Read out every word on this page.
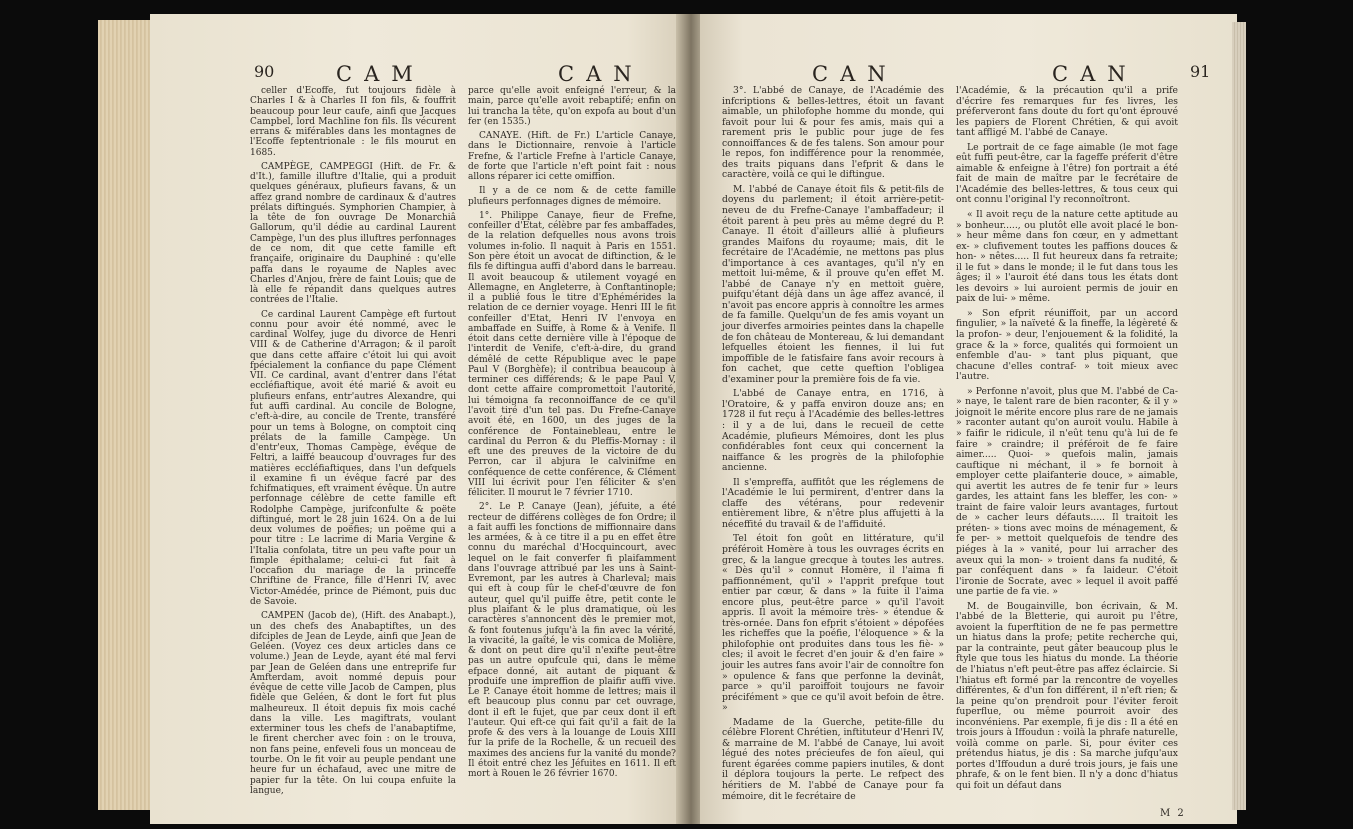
90	CAM	CAN

celler d'Ecoffe, fut toujours fidèle à Charles I & à Charles II fon fils, & fouffrit beaucoup pour leur caufe, ainfi que Jacques Campbel, lord Machline fon fils. Ils vécurent errans & miférables dans les montagnes de l'Ecoffe feptentrionale : le fils mourut en 1685.

CAMPÈGE, CAMPEGGI (Hift. de Fr. & d'It.), famille illuftre d'Italie, qui a produit quelques généraux, plufieurs favans, & un affez grand nombre de cardinaux & d'autres prélats diftingués. Symphorien Champier, à la tête de fon ouvrage De Monarchiâ Gallorum, qu'il dédie au cardinal Laurent Campège, l'un des plus illuftres perfonnages de ce nom, dit que cette famille eft françaife, originaire du Dauphiné : qu'elle paffa dans le royaume de Naples avec Charles d'Anjou, frère de faint Louis; que de là elle fe répandit dans quelques autres contrées de l'Italie.

Ce cardinal Laurent Campège eft furtout connu pour avoir été nommé, avec le cardinal Wolfey, juge du divorce de Henri VIII & de Catherine d'Arragon; & il paroît que dans cette affaire c'étoit lui qui avoit fpécialement la confiance du pape Clément VII. Ce cardinal, avant d'entrer dans l'état eccléfiaftique, avoit été marié & avoit eu plufieurs enfans, entr'autres Alexandre, qui fut auffi cardinal. Au concile de Bologne, c'eft-à-dire, au concile de Trente, transféré pour un tems à Bologne, on comptoit cinq prélats de la famille Campège. Un d'entr'eux, Thomas Campège, évêque de Feltri, a laiffé beaucoup d'ouvrages fur des matières eccléfiaftiques, dans l'un defquels il examine fi un évêque facré par des fchifmatiques, eft vraiment évêque. Un autre perfonnage célèbre de cette famille eft Rodolphe Campège, jurifconfulte & poëte diftingué, mort le 28 juin 1624. On a de lui deux volumes de poëfies; un poëme qui a pour titre : Le lacrime di Maria Vergine & l'Italia confolata, titre un peu vafte pour un fimple épithalame; celui-ci fut fait à l'occafion du mariage de la princeffe Chriftine de France, fille d'Henri IV, avec Victor-Amédée, prince de Piémont, puis duc de Savoie.

CAMPEN (Jacob de), (Hift. des Anabapt.), un des chefs des Anabaptiftes, un des difciples de Jean de Leyde, ainfi que Jean de Geléen. (Voyez ces deux articles dans ce volume.) Jean de Leyde, ayant été mal fervi par Jean de Geléen dans une entreprife fur Amfterdam, avoit nommé depuis pour évêque de cette ville Jacob de Campen, plus fidèle que Geléen, & dont le fort fut plus malheureux. Il étoit depuis fix mois caché dans la ville. Les magiftrats, voulant exterminer tous les chefs de l'anabaptifme, le firent chercher avec foin : on le trouva, non fans peine, enfeveli fous un monceau de tourbe. On le fit voir au peuple pendant une heure fur un échafaud, avec une mitre de papier fur la tête. On lui coupa enfuite la langue,

parce qu'elle avoit enfeigné l'erreur, & la main, parce qu'elle avoit rebaptifé; enfin on lui trancha la tête, qu'on expofa au bout d'un fer (en 1535.)

CANAYE. (Hift. de Fr.) L'article Canaye, dans le Dictionnaire, renvoie à l'article Frefne, & l'article Frefne à l'article Canaye, de forte que l'article n'eft point fait : nous allons réparer ici cette omiffion.

Il y a de ce nom & de cette famille plufieurs perfonnages dignes de mémoire.

1°. Philippe Canaye, fieur de Frefne, confeiller d'Etat, célèbre par fes ambaffades, de la relation defquelles nous avons trois volumes in-folio. Il naquit à Paris en 1551. Son père étoit un avocat de diftinction, & le fils fe diftingua auffi d'abord dans le barreau. Il avoit beaucoup & utilement voyagé en Allemagne, en Angleterre, à Conftantinople; il a publié fous le titre d'Ephémérides la relation de ce dernier voyage. Henri III le fit confeiller d'Etat, Henri IV l'envoya en ambaffade en Suiffe, à Rome & à Venife. Il étoit dans cette dernière ville à l'époque de l'interdit de Venife, c'eft-à-dire, du grand démêlé de cette République avec le pape Paul V (Borghèfe); il contribua beaucoup à terminer ces différends; & le pape Paul V, dont cette affaire compromettoit l'autorité, lui témoigna fa reconnoiffance de ce qu'il l'avoit tiré d'un tel pas. Du Frefne-Canaye avoit été, en 1600, un des juges de la conférence de Fontainebleau, entre le cardinal du Perron & du Pleffis-Mornay : il eft une des preuves de la victoire de du Perron, car il abjura le calvinifme en conféquence de cette conférence, & Clément VIII lui écrivit pour l'en féliciter & s'en féliciter. Il mourut le 7 février 1710.

2°. Le P. Canaye (Jean), jéfuite, a été recteur de différens collèges de fon Ordre; il a fait auffi les fonctions de miffionnaire dans les armées, & à ce titre il a pu en effet être connu du maréchal d'Hocquincourt, avec lequel on le fait converfer fi plaifamment dans l'ouvrage attribué par les uns à Saint-Evremont, par les autres à Charleval; mais qui eft à coup fûr le chef-d'œuvre de fon auteur, quel qu'il puiffe être, petit conte le plus plaifant & le plus dramatique, où les caractères s'annoncent dès le premier mot, & font foutenus jufqu'à la fin avec la vérité, la vivacité, la gaîté, le vis comica de Molière, & dont on peut dire qu'il n'exifte peut-être pas un autre opufcule qui, dans le même efpace donné, ait autant de piquant & produife une impreffion de plaifir auffi vive. Le P. Canaye étoit homme de lettres; mais il eft beaucoup plus connu par cet ouvrage, dont il eft le fujet, que par ceux dont il eft l'auteur. Qui eft-ce qui fait qu'il a fait de la profe & des vers à la louange de Louis XIII fur la prife de la Rochelle, & un recueil des maximes des anciens fur la vanité du monde? Il étoit entré chez les Jéfuites en 1611. Il eft mort à Rouen le 26 février 1670.

CAN	CAN	91

3°. L'abbé de Canaye, de l'Académie des infcriptions & belles-lettres, étoit un favant aimable, un philofophe homme du monde, qui favoit pour lui & pour fes amis, mais qui a rarement pris le public pour juge de fes connoiffances & de fes talens. Son amour pour le repos, fon indifférence pour la renommée, des traits piquans dans l'efprit & dans le caractère, voilà ce qui le diftingue.

M. l'abbé de Canaye étoit fils & petit-fils de doyens du parlement; il étoit arrière-petit-neveu de du Frefne-Canaye l'ambaffadeur; il étoit parent à peu près au même degré du P. Canaye. Il étoit d'ailleurs allié à plufieurs grandes Maifons du royaume; mais, dit le fecrétaire de l'Académie, ne mettons pas plus d'importance à ces avantages, qu'il n'y en mettoit lui-même, & il prouve qu'en effet M. l'abbé de Canaye n'y en mettoit guère, puifqu'étant déjà dans un âge affez avancé, il n'avoit pas encore appris à connoître les armes de fa famille. Quelqu'un de fes amis voyant un jour diverfes armoiries peintes dans la chapelle de fon château de Montereau, & lui demandant lefquelles étoient les fiennes, il lui fut impoffible de le fatisfaire fans avoir recours à fon cachet, que cette queftion l'obligea d'examiner pour la première fois de fa vie.

L'abbé de Canaye entra, en 1716, à l'Oratoire, & y paffa environ douze ans; en 1728 il fut reçu à l'Académie des belles-lettres : il y a de lui, dans le recueil de cette Académie, plufieurs Mémoires, dont les plus confidérables font ceux qui concernent la naiffance & les progrès de la philofophie ancienne.

Il s'empreffa, auffitôt que les réglemens de l'Académie le lui permirent, d'entrer dans la claffe des vétérans, pour redevenir entièrement libre, & n'être plus affujetti à la néceffité du travail & de l'affiduité.

Tel étoit fon goût en littérature, qu'il préféroit Homère à tous les ouvrages écrits en grec, & la langue grecque à toutes les autres. « Dès qu'il » connut Homère, il l'aima fi paffionnément, qu'il » l'apprit prefque tout entier par cœur, & dans » la fuite il l'aima encore plus, peut-être parce » qu'il l'avoit appris. Il avoit la mémoire très- » étendue & très-ornée. Dans fon efprit s'étoient » dépofées les richeffes que la poéfie, l'éloquence » & la philofophie ont produites dans tous les fiè- » cles; il avoit le fecret d'en jouir & d'en faire » jouir les autres fans avoir l'air de connoître fon » opulence & fans que perfonne la devinât, parce » qu'il paroiffoit toujours ne favoir précifément » que ce qu'il avoit befoin de être. »

Madame de la Guerche, petite-fille du célèbre Florent Chrétien, inftituteur d'Henri IV, & marraine de M. l'abbé de Canaye, lui avoit légué des notes précieufes de fon aïeul, qui furent égarées comme papiers inutiles, & dont il déplora toujours la perte. Le refpect des héritiers de M. l'abbé de Canaye pour fa mémoire, dit le fecrétaire de

l'Académie, & la précaution qu'il a prife d'écrire fes remarques fur fes livres, les préferveront fans doute du fort qu'ont éprouvé les papiers de Florent Chrétien, & qui avoit tant affligé M. l'abbé de Canaye.

Le portrait de ce fage aimable (le mot fage eût fuffi peut-être, car la fageffe préferit d'être aimable & enfeigne à l'être) fon portrait a été fait de main de maître par le fecrétaire de l'Académie des belles-lettres, & tous ceux qui ont connu l'original l'y reconnoîtront.

« Il avoit reçu de la nature cette aptitude au » bonheur....., ou plutôt elle avoit placé le bon- » heur même dans fon cœur, en y admettant ex- » clufivement toutes les paffions douces & hon- » nêtes..... Il fut heureux dans fa retraite; il le fut » dans le monde; il le fut dans tous les âges; il » l'auroit été dans tous les états dont les devoirs » lui auroient permis de jouir en paix de lui- » même.

» Son efprit réuniffoit, par un accord fingulier, » la naïveté & la fineffe, la légèreté & la profon- » deur, l'enjouement & la folidité, la grace & la » force, qualités qui formoient un enfemble d'au- » tant plus piquant, que chacune d'elles contraf- » toit mieux avec l'autre.

» Perfonne n'avoit, plus que M. l'abbé de Ca- » naye, le talent rare de bien raconter, & il y » joignoit le mérite encore plus rare de ne jamais » raconter autant qu'on auroit voulu. Habile à » faifir le ridicule, il n'eût tenu qu'à lui de fe faire » craindre; il préféroit de fe faire aimer..... Quoi- » quefois malin, jamais cauftique ni méchant, il » fe bornoit à employer cette plaifanterie douce, » aimable, qui avertit les autres de fe tenir fur » leurs gardes, les attaint fans les bleffer, les con- » traint de faire valoir leurs avantages, furtout de » cacher leurs défauts..... Il traitoit les préten- » tions avec moins de ménagement, & fe per- » mettoit quelquefois de tendre des piéges à la » vanité, pour lui arracher des aveux qui la mon- » troient dans fa nudité, & par conféquent dans » fa laideur. C'étoit l'ironie de Socrate, avec » lequel il avoit paffé une partie de fa vie. »

M. de Bougainville, bon écrivain, & M. l'abbé de la Bletterie, qui auroit pu l'être, avoient la fuperftition de ne fe pas permettre un hiatus dans la profe; petite recherche qui, par la contrainte, peut gâter beaucoup plus le ftyle que tous les hiatus du monde. La théorie de l'hiatus n'eft peut-être pas affez éclaircie. Si l'hiatus eft formé par la rencontre de voyelles différentes, & d'un fon différent, il n'eft rien; & la peine qu'on prendroit pour l'éviter feroit fuperflue, ou même pourroit avoir des inconvéniens. Par exemple, fi je dis : Il a été en trois jours à Iffoudun : voilà la phrafe naturelle, voilà comme on parle. Si, pour éviter ces prétendus hiatus, je dis : Sa marche jufqu'aux portes d'Iffoudun a duré trois jours, je fais une phrafe, & on le fent bien. Il n'y a donc d'hiatus qui foit un défaut dans

M 2
